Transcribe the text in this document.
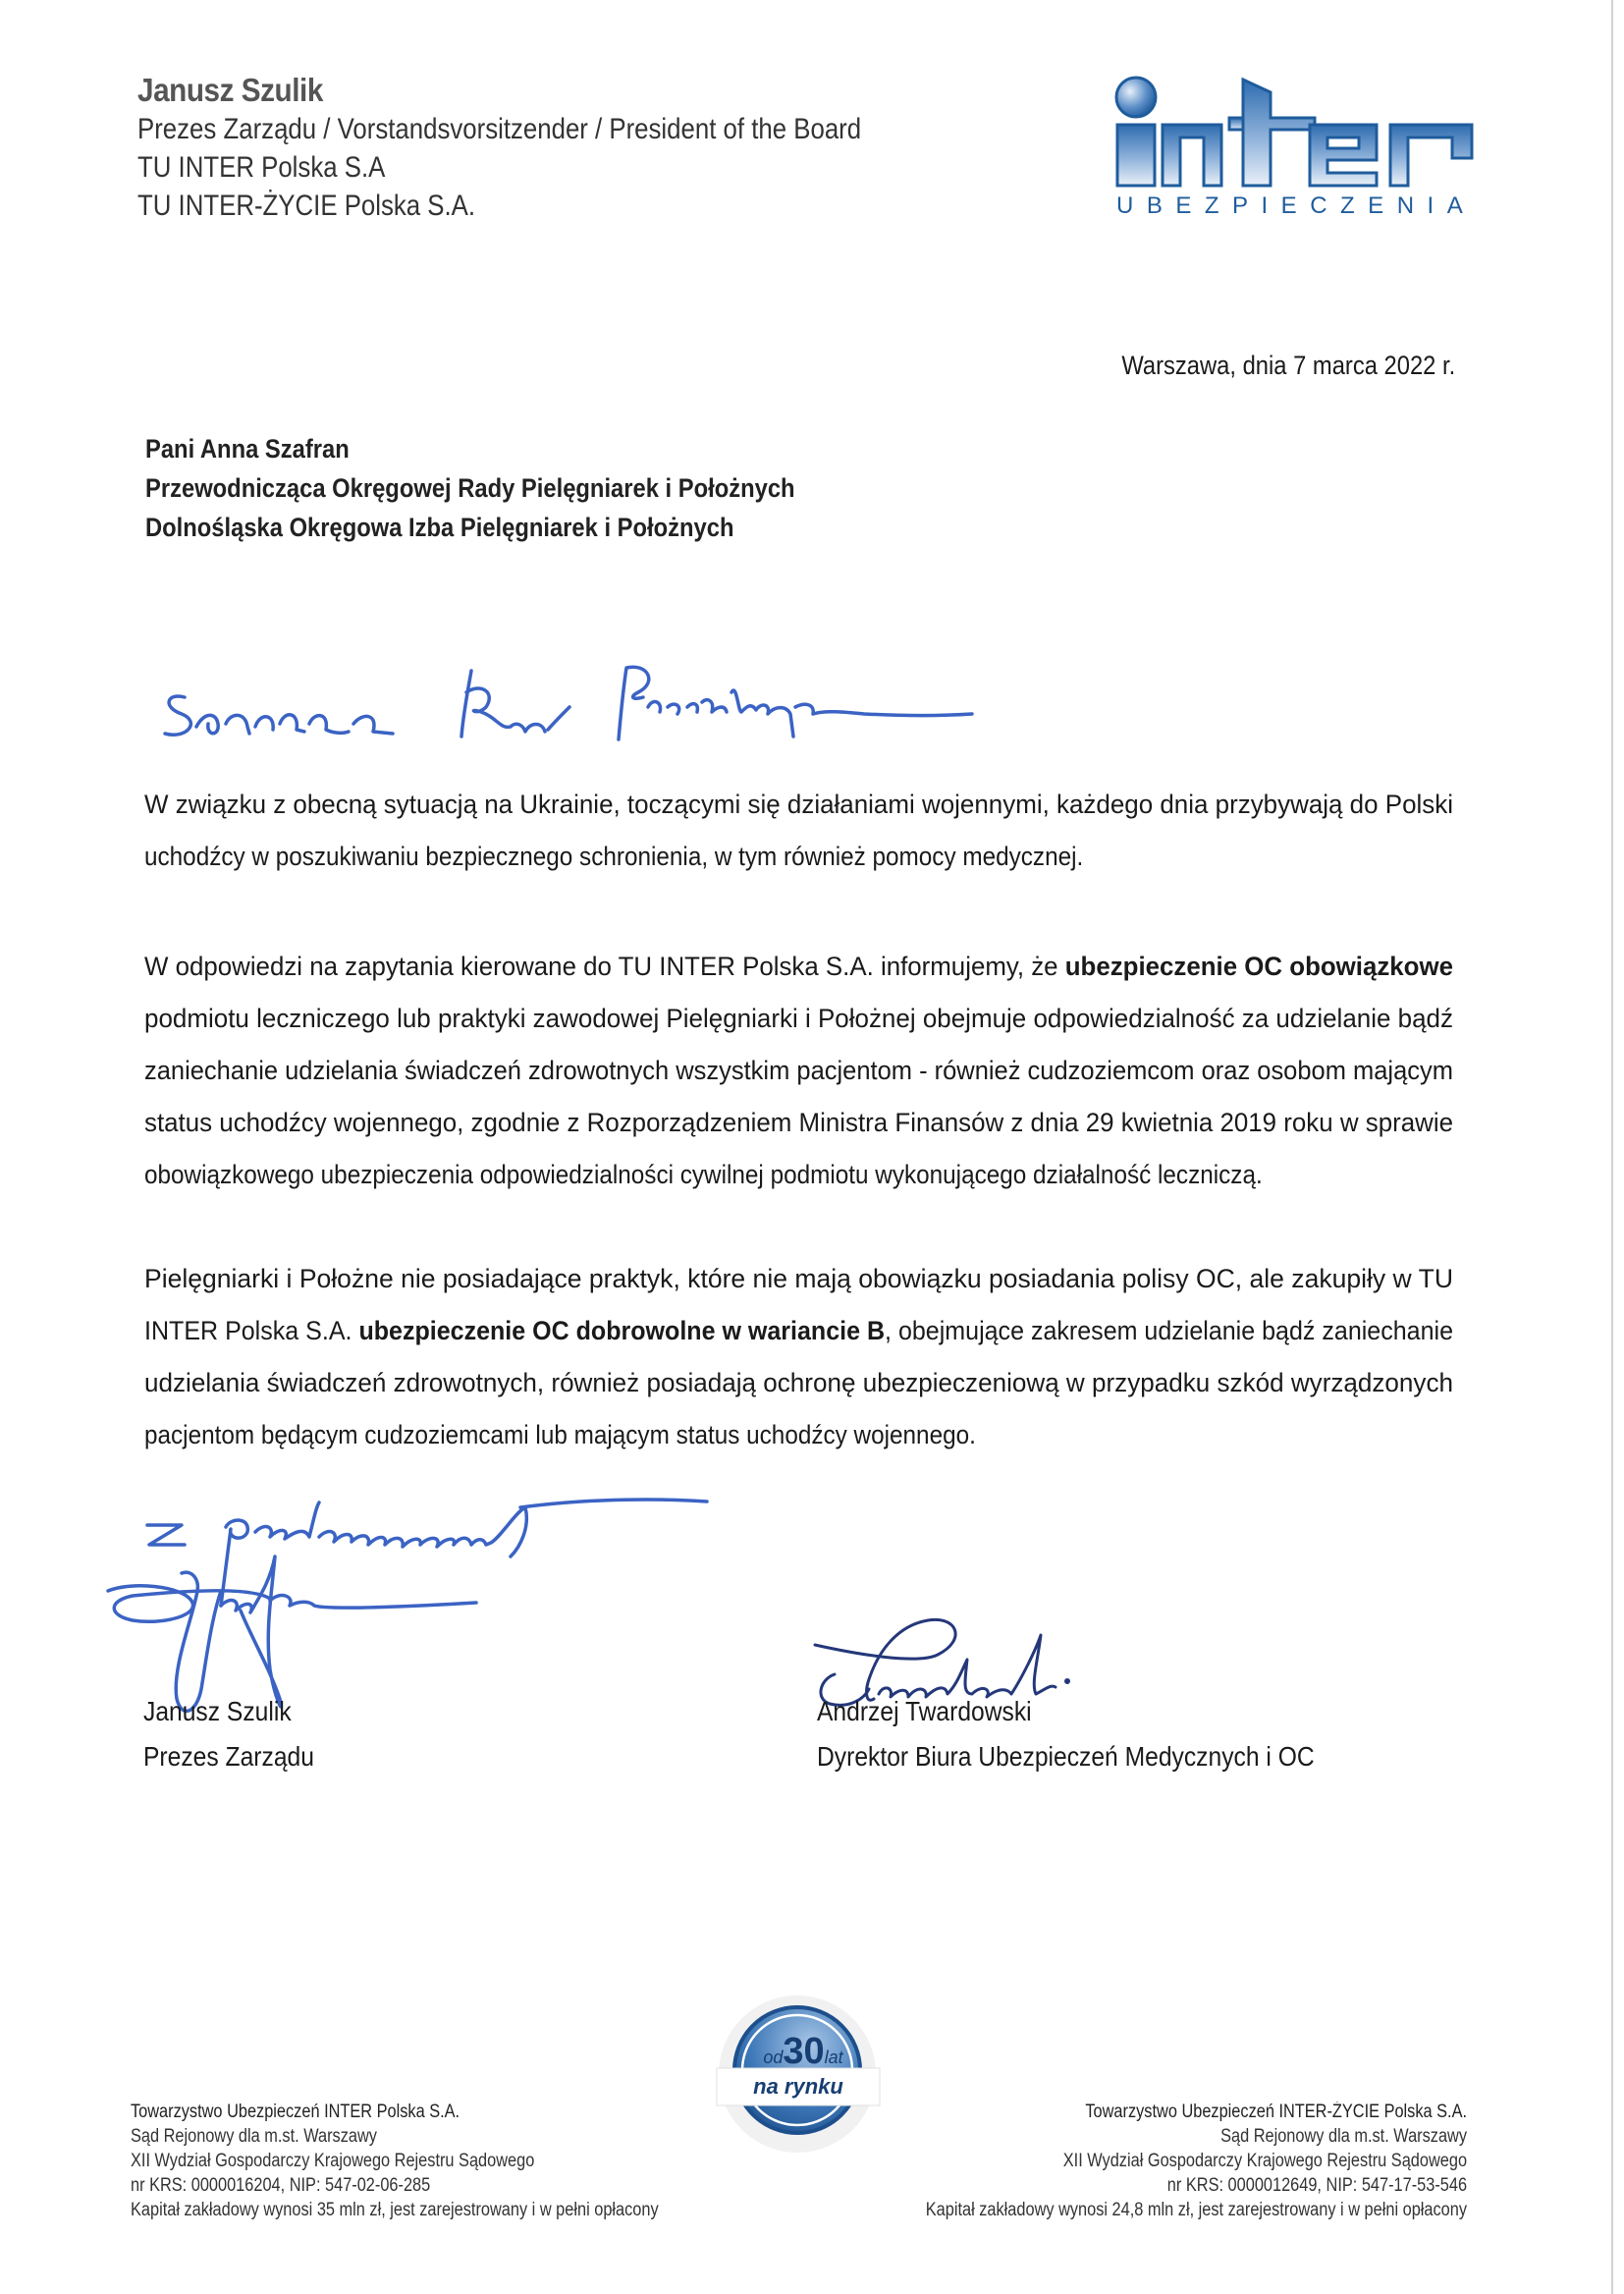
Janusz Szulik
Prezes Zarządu / Vorstandsvorsitzender / President of the Board
TU INTER Polska S.A
TU INTER-ŻYCIE Polska S.A.	UBEZPIECZENIA
Warszawa, dnia 7 marca 2022 r.
Pani Anna Szafran
Przewodnicząca Okręgowej Rady Pielęgniarek i Położnych
Dolnośląska Okręgowa Izba Pielęgniarek i Położnych
W związku z obecną sytuacją na Ukrainie, toczącymi się działaniami wojennymi, każdego dnia przybywają do Polski
uchodźcy w poszukiwaniu bezpiecznego schronienia, w tym również pomocy medycznej.
W odpowiedzi na zapytania kierowane do TU INTER Polska S.A. informujemy, że ubezpieczenie OC obowiązkowe
podmiotu leczniczego lub praktyki zawodowej Pielęgniarki i Położnej obejmuje odpowiedzialność za udzielanie bądź
zaniechanie udzielania świadczeń zdrowotnych wszystkim pacjentom - również cudzoziemcom oraz osobom mającym
status uchodźcy wojennego, zgodnie z Rozporządzeniem Ministra Finansów z dnia 29 kwietnia 2019 roku w sprawie
obowiązkowego ubezpieczenia odpowiedzialności cywilnej podmiotu wykonującego działalność leczniczą.
Pielęgniarki i Położne nie posiadające praktyk, które nie mają obowiązku posiadania polisy OC, ale zakupiły w TU
INTER Polska S.A. ubezpieczenie OC dobrowolne w wariancie B, obejmujące zakresem udzielanie bądź zaniechanie
udzielania świadczeń zdrowotnych, również posiadają ochronę ubezpieczeniową w przypadku szkód wyrządzonych
pacjentom będącym cudzoziemcami lub mającym status uchodźcy wojennego.
Janusz Szulik
Prezes Zarządu
Andrzej Twardowski
Dyrektor Biura Ubezpieczeń Medycznych i OC
od30lat
na rynku
Towarzystwo Ubezpieczeń INTER Polska S.A.
Sąd Rejonowy dla m.st. Warszawy
XII Wydział Gospodarczy Krajowego Rejestru Sądowego
nr KRS: 0000016204, NIP: 547-02-06-285
Kapitał zakładowy wynosi 35 mln zł, jest zarejestrowany i w pełni opłacony
Towarzystwo Ubezpieczeń INTER-ŻYCIE Polska S.A.
Sąd Rejonowy dla m.st. Warszawy
XII Wydział Gospodarczy Krajowego Rejestru Sądowego
nr KRS: 0000012649, NIP: 547-17-53-546
Kapitał zakładowy wynosi 24,8 mln zł, jest zarejestrowany i w pełni opłacony
